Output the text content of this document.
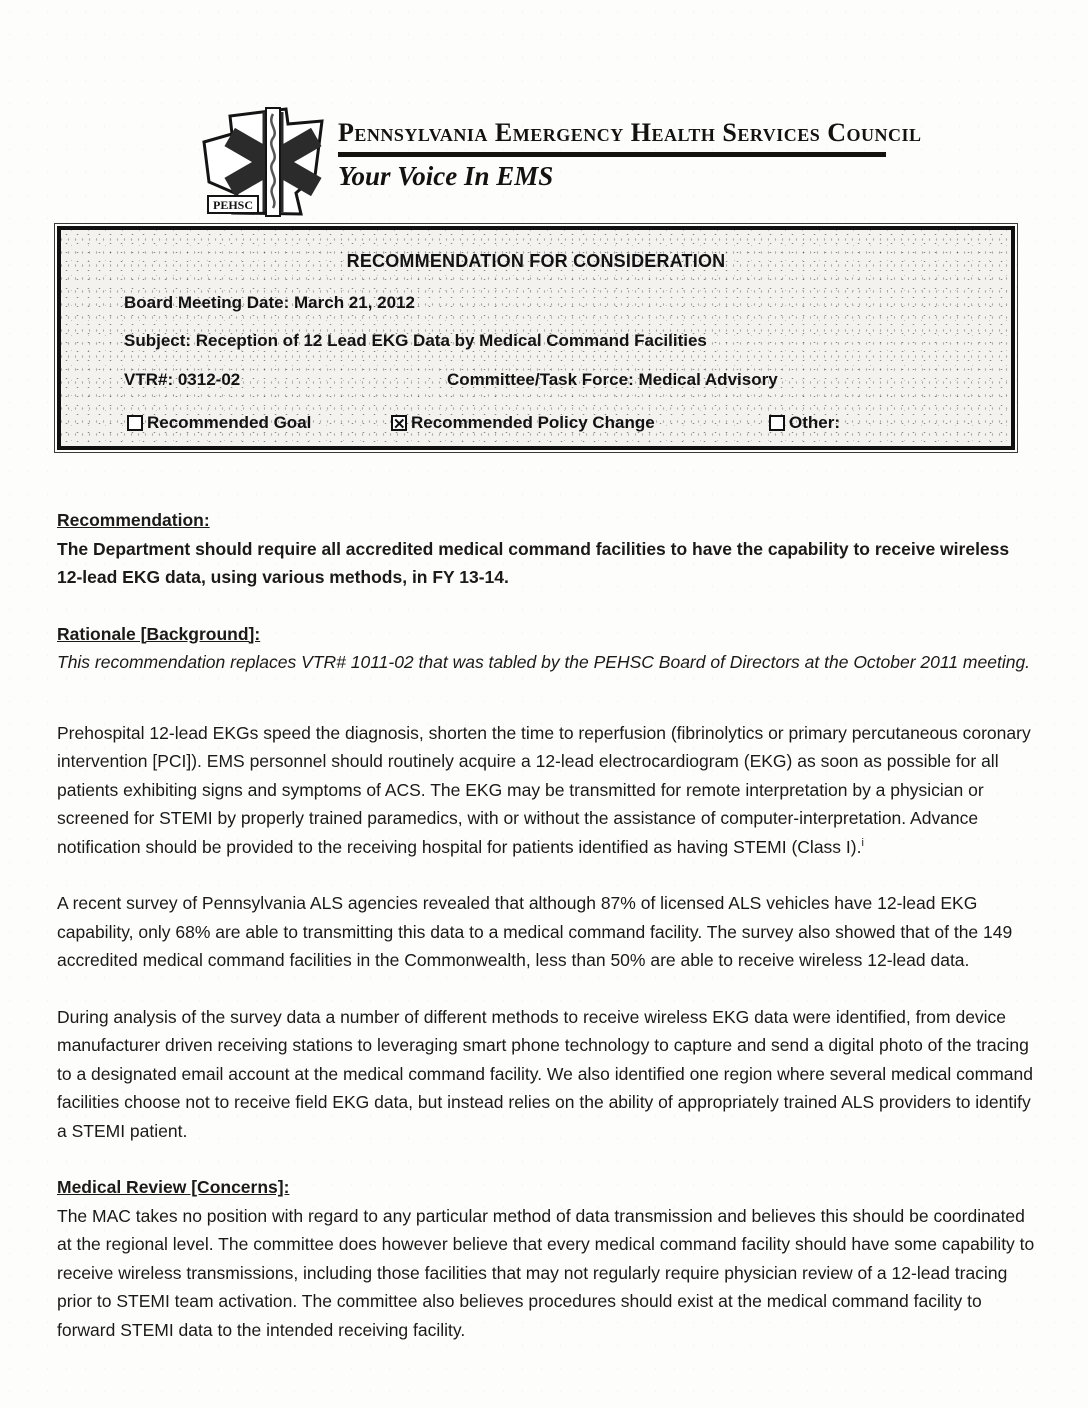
PEHSC
Pennsylvania Emergency Health Services Council
Your Voice In EMS
RECOMMENDATION FOR CONSIDERATION
Board Meeting Date: March 21, 2012
Subject: Reception of 12 Lead EKG Data by Medical Command Facilities
VTR#: 0312-02	Committee/Task Force: Medical Advisory
Recommended Goal ✕	Recommended Policy Change	Other:
Recommendation:

The Department should require all accredited medical command facilities to have the capability to receive wireless 12-lead EKG data, using various methods, in FY 13-14.

Rationale [Background]:

This recommendation replaces VTR# 1011-02 that was tabled by the PEHSC Board of Directors at the October 2011 meeting.

Prehospital 12-lead EKGs speed the diagnosis, shorten the time to reperfusion (fibrinolytics or primary percutaneous coronary intervention [PCI]). EMS personnel should routinely acquire a 12-lead electrocardiogram (EKG) as soon as possible for all patients exhibiting signs and symptoms of ACS. The EKG may be transmitted for remote interpretation by a physician or screened for STEMI by properly trained paramedics, with or without the assistance of computer-interpretation. Advance notification should be provided to the receiving hospital for patients identified as having STEMI (Class I).$^i$

A recent survey of Pennsylvania ALS agencies revealed that although 87% of licensed ALS vehicles have 12-lead EKG capability, only 68% are able to transmitting this data to a medical command facility. The survey also showed that of the 149 accredited medical command facilities in the Commonwealth, less than 50% are able to receive wireless 12-lead data.

During analysis of the survey data a number of different methods to receive wireless EKG data were identified, from device manufacturer driven receiving stations to leveraging smart phone technology to capture and send a digital photo of the tracing to a designated email account at the medical command facility. We also identified one region where several medical command facilities choose not to receive field EKG data, but instead relies on the ability of appropriately trained ALS providers to identify a STEMI patient.

Medical Review [Concerns]:

The MAC takes no position with regard to any particular method of data transmission and believes this should be coordinated at the regional level. The committee does however believe that every medical command facility should have some capability to receive wireless transmissions, including those facilities that may not regularly require physician review of a 12-lead tracing prior to STEMI team activation. The committee also believes procedures should exist at the medical command facility to forward STEMI data to the intended receiving facility.
